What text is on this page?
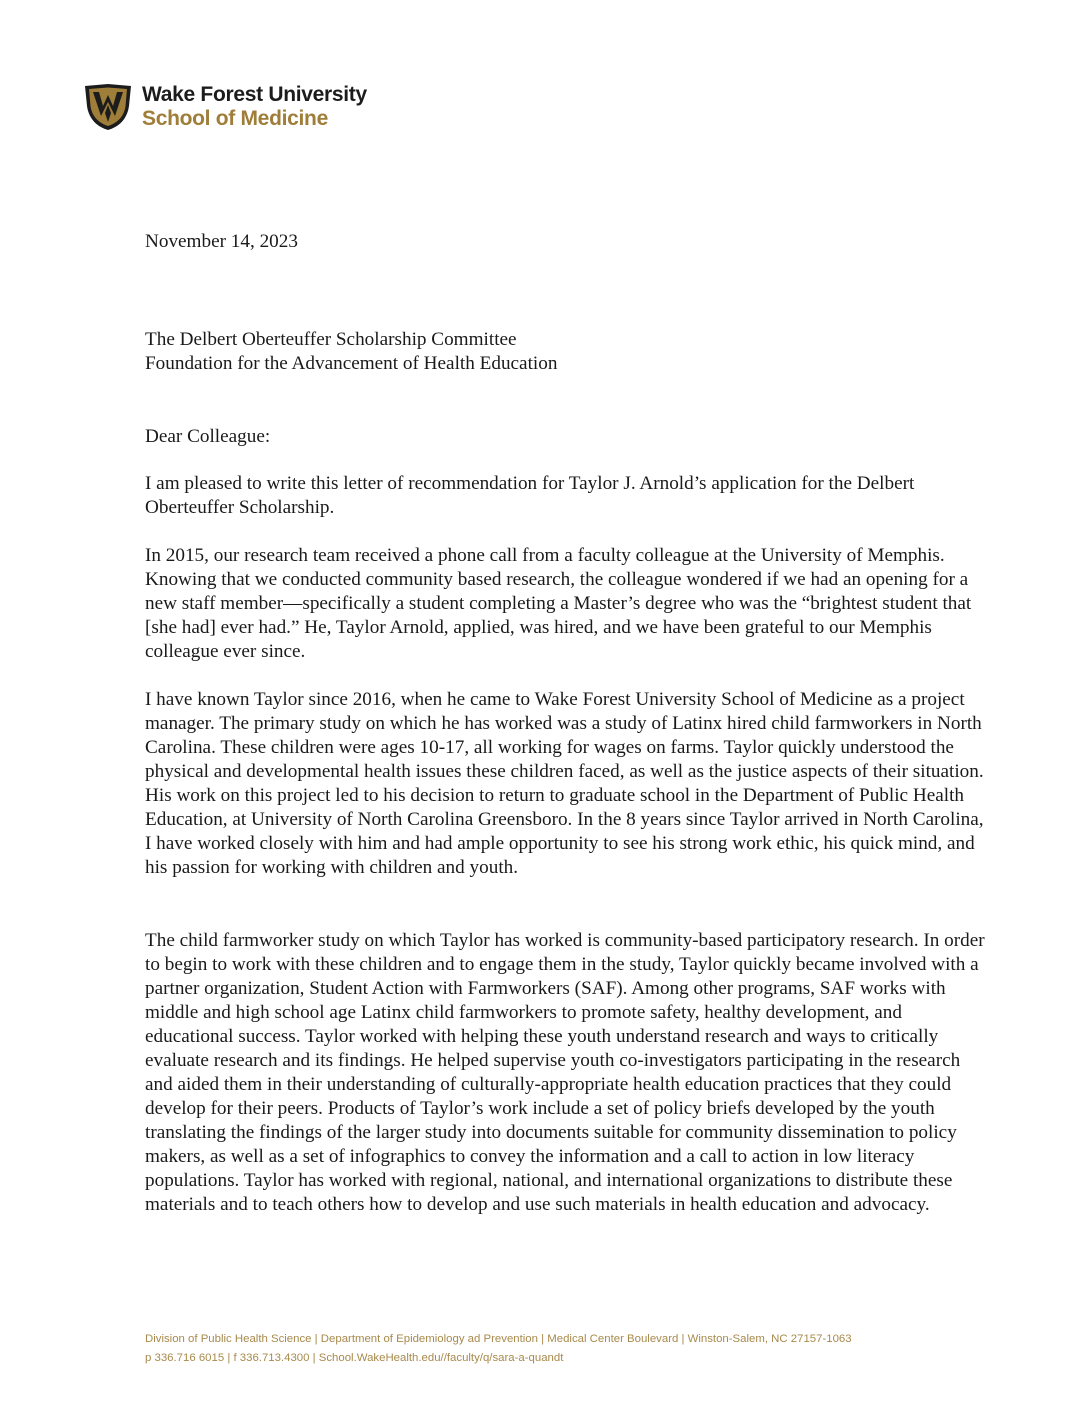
Wake Forest University
School of Medicine

November 14, 2023

The Delbert Oberteuffer Scholarship Committee
Foundation for the Advancement of Health Education

Dear Colleague:

I am pleased to write this letter of recommendation for Taylor J. Arnold’s application for the Delbert Oberteuffer Scholarship.

In 2015, our research team received a phone call from a faculty colleague at the University of Memphis. Knowing that we conducted community based research, the colleague wondered if we had an opening for a new staff member—specifically a student completing a Master’s degree who was the “brightest student that [she had] ever had.” He, Taylor Arnold, applied, was hired, and we have been grateful to our Memphis colleague ever since.

I have known Taylor since 2016, when he came to Wake Forest University School of Medicine as a project manager. The primary study on which he has worked was a study of Latinx hired child farmworkers in North Carolina. These children were ages 10-17, all working for wages on farms. Taylor quickly understood the physical and developmental health issues these children faced, as well as the justice aspects of their situation. His work on this project led to his decision to return to graduate school in the Department of Public Health Education, at University of North Carolina Greensboro. In the 8 years since Taylor arrived in North Carolina, I have worked closely with him and had ample opportunity to see his strong work ethic, his quick mind, and his passion for working with children and youth.

The child farmworker study on which Taylor has worked is community-based participatory research. In order to begin to work with these children and to engage them in the study, Taylor quickly became involved with a partner organization, Student Action with Farmworkers (SAF). Among other programs, SAF works with middle and high school age Latinx child farmworkers to promote safety, healthy development, and educational success. Taylor worked with helping these youth understand research and ways to critically evaluate research and its findings. He helped supervise youth co-investigators participating in the research and aided them in their understanding of culturally-appropriate health education practices that they could develop for their peers. Products of Taylor’s work include a set of policy briefs developed by the youth translating the findings of the larger study into documents suitable for community dissemination to policy makers, as well as a set of infographics to convey the information and a call to action in low literacy populations. Taylor has worked with regional, national, and international organizations to distribute these materials and to teach others how to develop and use such materials in health education and advocacy.

Division of Public Health Science | Department of Epidemiology ad Prevention | Medical Center Boulevard | Winston-Salem, NC 27157-1063
p 336.716 6015 | f 336.713.4300 | School.WakeHealth.edu//faculty/q/sara-a-quandt
